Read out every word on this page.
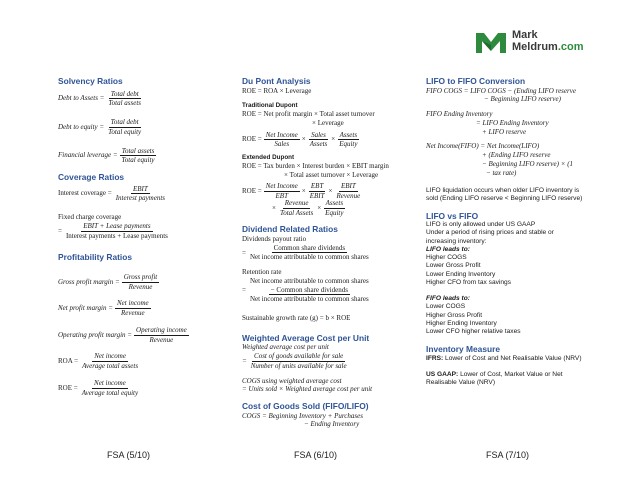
Mark
Meldrum.com
Solvency Ratios
Debt to Assets =
Total debt
Total assets
Debt to equity =
Total debt
Total equity
Financial leverage =
Total assets
Total equity
Coverage Ratios
Interest coverage =
EBIT
Interest payments
Fixed charge coverage
=
EBIT + Lease payments
Interest payments + Lease payments
Profitability Ratios
Gross profit margin =
Gross profit
Revenue
Net profit margin =
Net income
Revenue
Operating profit margin =
Operating income
Revenue
ROA =
Net income
Average total assets
ROE =
Net income
Average total equity
Du Pont Analysis
ROE = ROA × Leverage
Traditional Dupont
ROE = Net profit margin × Total asset turnover
× Leverage
ROE =
Net Income
Sales
×
Sales
Assets
×
Assets
Equity
Extended Dupont
ROE = Tax burden × Interest burden × EBIT margin
× Total asset turnover × Leverage
ROE =
Net Income
EBT
×
EBT
EBIT
×
EBIT
Revenue
×
Revenue
Total Assets
×
Assets
Equity
Dividend Related Ratios
Dividends payout ratio
=
Common share dividends
Net income attributable to common shares
Retention rate
=
Net income attributable to common shares
− Common share dividends
Net income attributable to common shares
Sustainable growth rate (g) = b × ROE
Weighted Average Cost per Unit
Weighted average cost per unit
=
Cost of goods available for sale
Number of units available for sale
COGS using weighted average cost
= Units sold × Weighted average cost per unit
Cost of Goods Sold (FIFO/LIFO)
COGS = Beginning Inventory + Purchases
− Ending Inventory
LIFO to FIFO Conversion
FIFO COGS = LIFO COGS − (Ending LIFO reserve
− Beginning LIFO reserve)
FIFO Ending Inventory
= LIFO Ending Inventory
+ LIFO reserve
Net Income(FIFO) = Net Income(LIFO)
+ (Ending LIFO reserve
− Beginning LIFO reserve) × (1
− tax rate)
LIFO liquidation occurs when older LIFO inventory is
sold (Ending LIFO reserve < Beginning LIFO reserve)
LIFO vs FIFO
LIFO is only allowed under US GAAP
Under a period of rising prices and stable or
increasing inventory:
LIFO leads to:
Higher COGS
Lower Gross Profit
Lower Ending Inventory
Higher CFO from tax savings
FIFO leads to:
Lower COGS
Higher Gross Profit
Higher Ending Inventory
Lower CFO higher relative taxes
Inventory Measure
IFRS: Lower of Cost and Net Realisable Value (NRV)
US GAAP: Lower of Cost, Market Value or Net
Realisable Value (NRV)
FSA (5/10)	FSA (6/10)	FSA (7/10)
